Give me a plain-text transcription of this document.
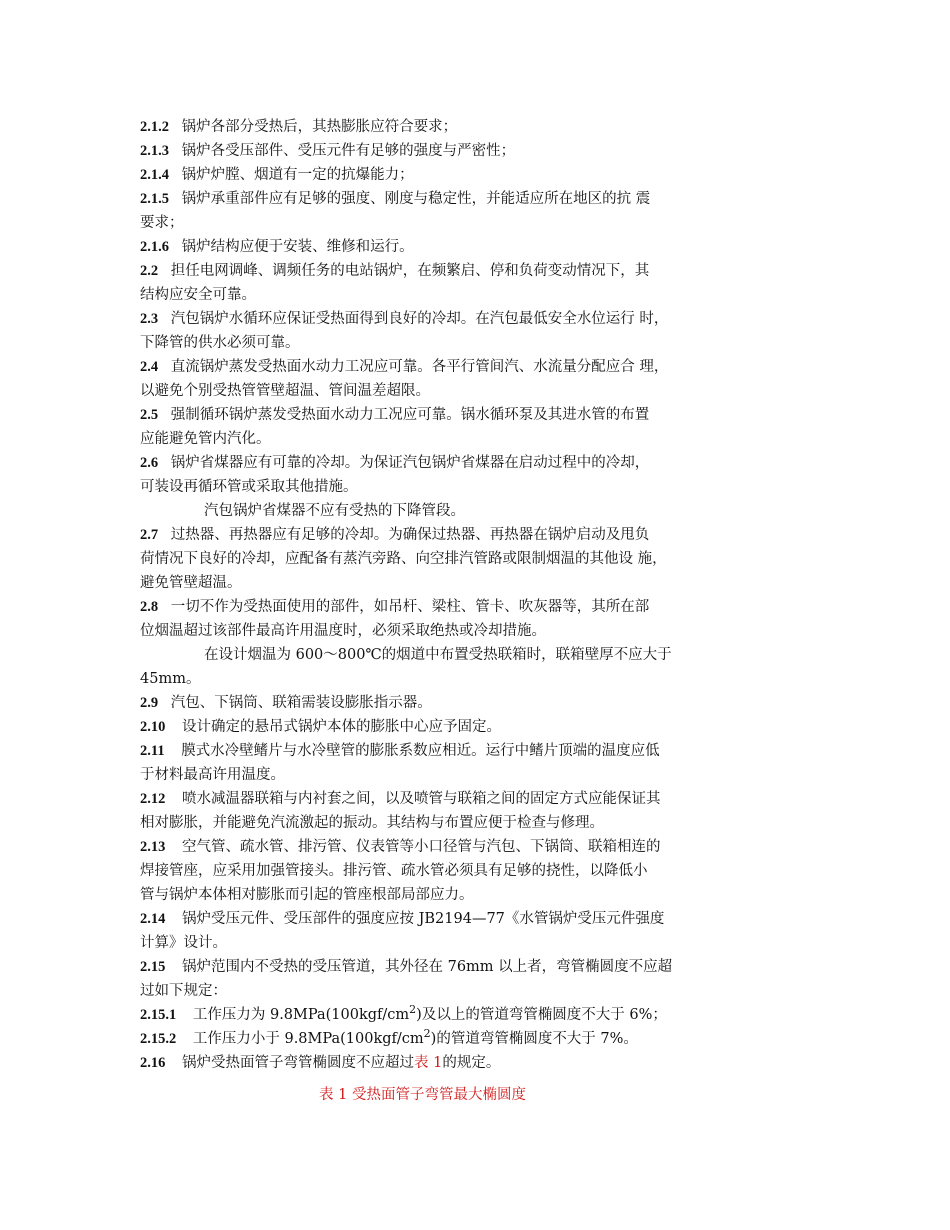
2.1.2 锅炉各部分受热后，其热膨胀应符合要求；
2.1.3 锅炉各受压部件、受压元件有足够的强度与严密性；
2.1.4 锅炉炉膛、烟道有一定的抗爆能力；
2.1.5 锅炉承重部件应有足够的强度、刚度与稳定性，并能适应所在地区的抗 震
要求；
2.1.6 锅炉结构应便于安装、维修和运行。
2.2 担任电网调峰、调频任务的电站锅炉，在频繁启、停和负荷变动情况下，其
结构应安全可靠。
2.3 汽包锅炉水循环应保证受热面得到良好的冷却。在汽包最低安全水位运行 时，
下降管的供水必须可靠。
2.4 直流锅炉蒸发受热面水动力工况应可靠。各平行管间汽、水流量分配应合 理，
以避免个别受热管管壁超温、管间温差超限。
2.5 强制循环锅炉蒸发受热面水动力工况应可靠。锅水循环泵及其进水管的布置
应能避免管内汽化。
2.6 锅炉省煤器应有可靠的冷却。为保证汽包锅炉省煤器在启动过程中的冷却，
可装设再循环管或采取其他措施。
汽包锅炉省煤器不应有受热的下降管段。
2.7 过热器、再热器应有足够的冷却。为确保过热器、再热器在锅炉启动及甩负
荷情况下良好的冷却，应配备有蒸汽旁路、向空排汽管路或限制烟温的其他设 施，
避免管壁超温。
2.8 一切不作为受热面使用的部件，如吊杆、梁柱、管卡、吹灰器等，其所在部
位烟温超过该部件最高许用温度时，必须采取绝热或冷却措施。
在设计烟温为 600～800℃的烟道中布置受热联箱时，联箱壁厚不应大于
45mm。
2.9 汽包、下锅筒、联箱需装设膨胀指示器。
2.10 设计确定的悬吊式锅炉本体的膨胀中心应予固定。
2.11 膜式水冷壁鳍片与水冷壁管的膨胀系数应相近。运行中鳍片顶端的温度应低
于材料最高许用温度。
2.12 喷水减温器联箱与内衬套之间，以及喷管与联箱之间的固定方式应能保证其
相对膨胀，并能避免汽流激起的振动。其结构与布置应便于检查与修理。
2.13 空气管、疏水管、排污管、仪表管等小口径管与汽包、下锅筒、联箱相连的
焊接管座，应采用加强管接头。排污管、疏水管必须具有足够的挠性，以降低小
管与锅炉本体相对膨胀而引起的管座根部局部应力。
2.14 锅炉受压元件、受压部件的强度应按 JB2194—77《水管锅炉受压元件强度
计算》设计。
2.15 锅炉范围内不受热的受压管道，其外径在 76mm 以上者，弯管椭圆度不应超
过如下规定：
2.15.1 工作压力为 $9.8MPa(100kgf/cm^2)$及以上的管道弯管椭圆度不大于 6%；
2.15.2 工作压力小于 $9.8MPa(100kgf/cm^2)$的管道弯管椭圆度不大于 7%。
2.16 锅炉受热面管子弯管椭圆度不应超过表 1的规定。
表 1 受热面管子弯管最大椭圆度
